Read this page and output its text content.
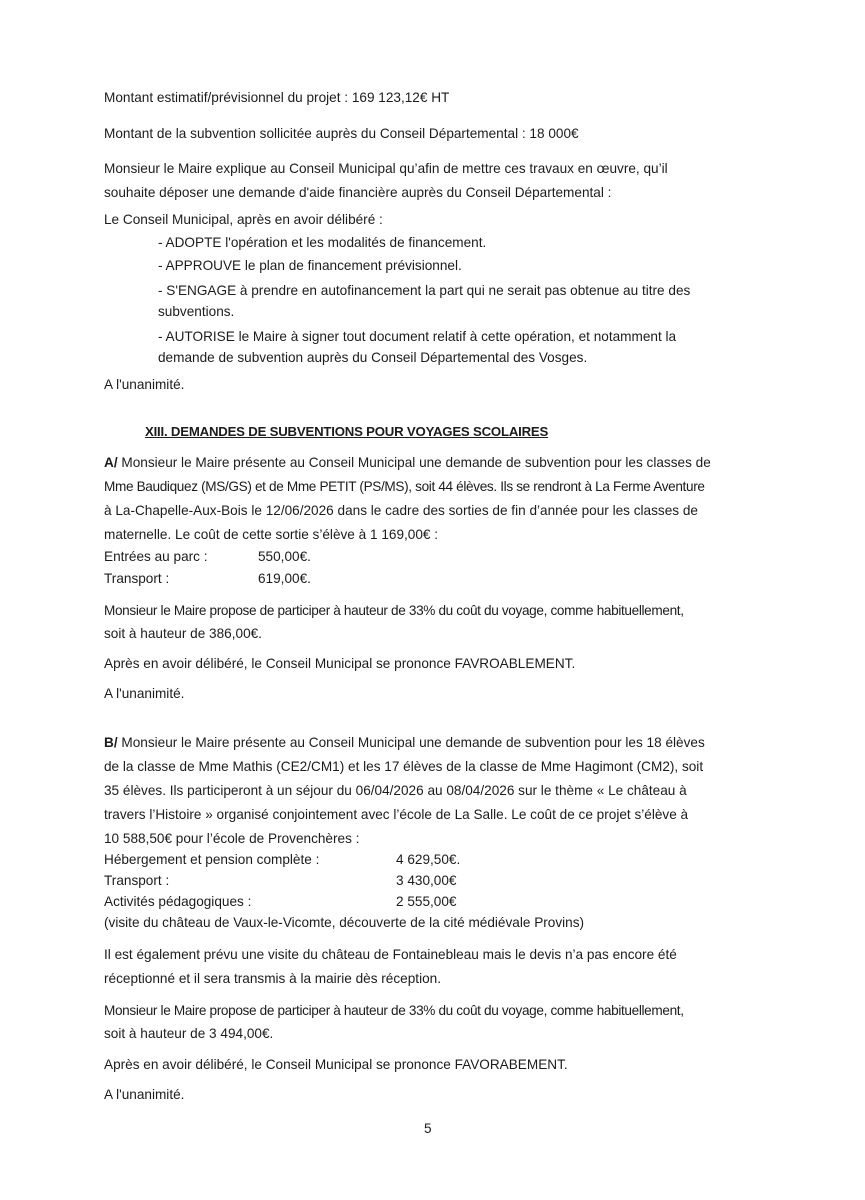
Montant estimatif/prévisionnel du projet : 169 123,12€ HT
Montant de la subvention sollicitée auprès du Conseil Départemental : 18 000€
Monsieur le Maire explique au Conseil Municipal qu’afin de mettre ces travaux en œuvre, qu’il
souhaite déposer une demande d'aide financière auprès du Conseil Départemental :
Le Conseil Municipal, après en avoir délibéré :
- ADOPTE l'opération et les modalités de financement.
- APPROUVE le plan de financement prévisionnel.
- S'ENGAGE à prendre en autofinancement la part qui ne serait pas obtenue au titre des
subventions.
- AUTORISE le Maire à signer tout document relatif à cette opération, et notamment la
demande de subvention auprès du Conseil Départemental des Vosges.
A l'unanimité.
XIII. DEMANDES DE SUBVENTIONS POUR VOYAGES SCOLAIRES
A/ Monsieur le Maire présente au Conseil Municipal une demande de subvention pour les classes de
Mme Baudiquez (MS/GS) et de Mme PETIT (PS/MS), soit 44 élèves. Ils se rendront à La Ferme Aventure
à La-Chapelle-Aux-Bois le 12/06/2026 dans le cadre des sorties de fin d’année pour les classes de
maternelle. Le coût de cette sortie s’élève à 1 169,00€ :
Entrées au parc :	550,00€.
Transport :	619,00€.
Monsieur le Maire propose de participer à hauteur de 33% du coût du voyage, comme habituellement,
soit à hauteur de 386,00€.
Après en avoir délibéré, le Conseil Municipal se prononce FAVROABLEMENT.
A l'unanimité.
B/ Monsieur le Maire présente au Conseil Municipal une demande de subvention pour les 18 élèves
de la classe de Mme Mathis (CE2/CM1) et les 17 élèves de la classe de Mme Hagimont (CM2), soit
35 élèves. Ils participeront à un séjour du 06/04/2026 au 08/04/2026 sur le thème « Le château à
travers l’Histoire » organisé conjointement avec l’école de La Salle. Le coût de ce projet s’élève à
10 588,50€ pour l’école de Provenchères :
Hébergement et pension complète :	4 629,50€.
Transport :	3 430,00€
Activités pédagogiques :	2 555,00€
(visite du château de Vaux-le-Vicomte, découverte de la cité médiévale Provins)
Il est également prévu une visite du château de Fontainebleau mais le devis n’a pas encore été
réceptionné et il sera transmis à la mairie dès réception.
Monsieur le Maire propose de participer à hauteur de 33% du coût du voyage, comme habituellement,
soit à hauteur de 3 494,00€.
Après en avoir délibéré, le Conseil Municipal se prononce FAVORABEMENT.
A l'unanimité.
5
